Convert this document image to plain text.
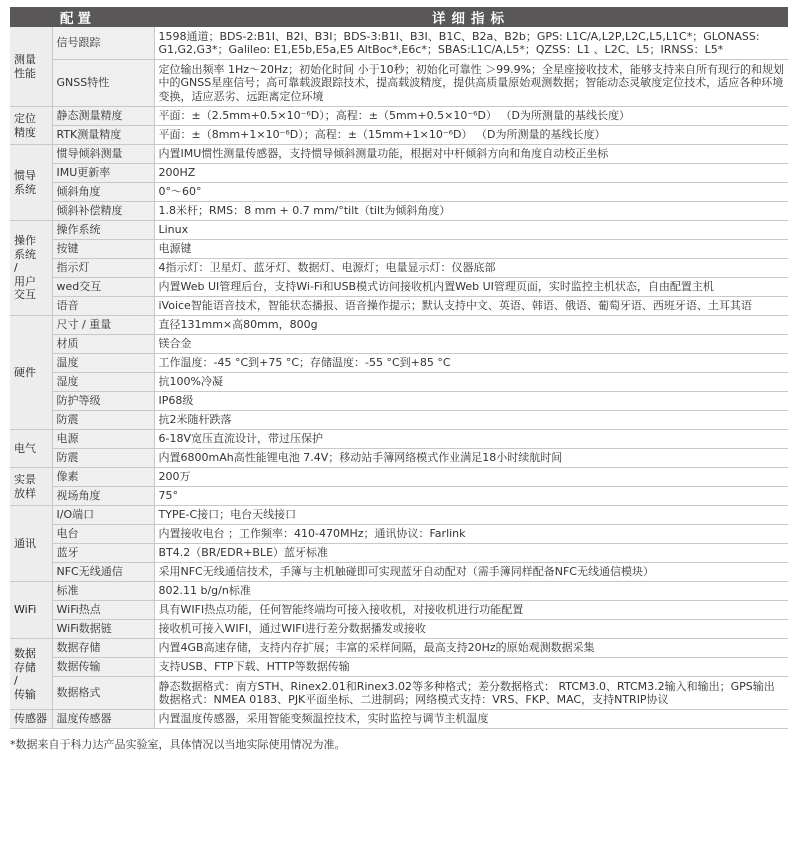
配置		详细指标

测量
性能	信号跟踪	1598通道；BDS-2:B1I、B2I、B3I；BDS-3:B1I、B3I、B1C、B2a、B2b；GPS: L1C/A,L2P,L2C,L5,L1C*；GLONASS: G1,G2,G3*；Galileo: E1,E5b,E5a,E5 AltBoc*,E6c*；SBAS:L1C/A,L5*；QZSS：L1 、L2C、L5；IRNSS：L5*
	GNSS特性	定位输出频率 1Hz～20Hz；初始化时间 小于10秒；初始化可靠性 ＞99.9%；全星座接收技术，能够支持来自所有现行的和规划中的GNSS星座信号；高可靠载波跟踪技术，提高载波精度，提供高质量原始观测数据；智能动态灵敏度定位技术，适应各种环境变换，适应恶劣、远距离定位环境

定位
精度	静态测量精度	平面：±（2.5mm+0.5×10⁻⁶D）；高程：±（5mm+0.5×10⁻⁶D） （D为所测量的基线长度）
	RTK测量精度	平面：±（8mm+1×10⁻⁶D）；高程：±（15mm+1×10⁻⁶D） （D为所测量的基线长度）

惯导
系统	惯导倾斜测量	内置IMU惯性测量传感器，支持惯导倾斜测量功能，根据对中杆倾斜方向和角度自动校正坐标
	IMU更新率	200HZ
	倾斜角度	0°～60°
	倾斜补偿精度	1.8米杆；RMS：8 mm + 0.7 mm/°tilt（tilt为倾斜角度）

操作
系统
/
用户
交互	操作系统	Linux
	按键	电源键
	指示灯	4指示灯：卫星灯、蓝牙灯、数据灯、电源灯；电量显示灯：仪器底部
	wed交互	内置Web UI管理后台，支持Wi-Fi和USB模式访问接收机内置Web UI管理页面，实时监控主机状态，自由配置主机
	语音	iVoice智能语音技术，智能状态播报、语音操作提示；默认支持中文、英语、韩语、俄语、葡萄牙语、西班牙语、土耳其语

硬件	尺寸 / 重量	直径131mm×高80mm，800g
	材质	镁合金
	温度	工作温度：-45 °C到+75 °C；存储温度：-55 °C到+85 °C
	湿度	抗100%冷凝
	防护等级	IP68级
	防震	抗2米随杆跌落

电气	电源	6-18V宽压直流设计，带过压保护
	防震	内置6800mAh高性能锂电池 7.4V；移动站手簿网络模式作业满足18小时续航时间

实景
放样	像素	200万
	视场角度	75°

通讯	I/O端口	TYPE-C接口；电台天线接口
	电台	内置接收电台 ；工作频率：410-470MHz；通讯协议：Farlink
	蓝牙	BT4.2（BR/EDR+BLE）蓝牙标准
	NFC无线通信	采用NFC无线通信技术，手簿与主机触碰即可实现蓝牙自动配对（需手簿同样配备NFC无线通信模块）

WiFi	标准	802.11 b/g/n标准
	WiFi热点	具有WIFI热点功能，任何智能终端均可接入接收机，对接收机进行功能配置
	WiFi数据链	接收机可接入WIFI，通过WIFI进行差分数据播发或接收

数据
存储
/
传输	数据存储	内置4GB高速存储，支持内存扩展；丰富的采样间隔，最高支持20Hz的原始观测数据采集
	数据传输	支持USB、FTP下载、HTTP等数据传输
	数据格式	静态数据格式：南方STH、Rinex2.01和Rinex3.02等多种格式；差分数据格式： RTCM3.0、RTCM3.2输入和输出；GPS输出数据格式：NMEA 0183、PJK平面坐标、二进制码；网络模式支持：VRS、FKP、MAC，支持NTRIP协议

传感器	温度传感器	内置温度传感器，采用智能变频温控技术，实时监控与调节主机温度
*数据来自于科力达产品实验室，具体情况以当地实际使用情况为准。
